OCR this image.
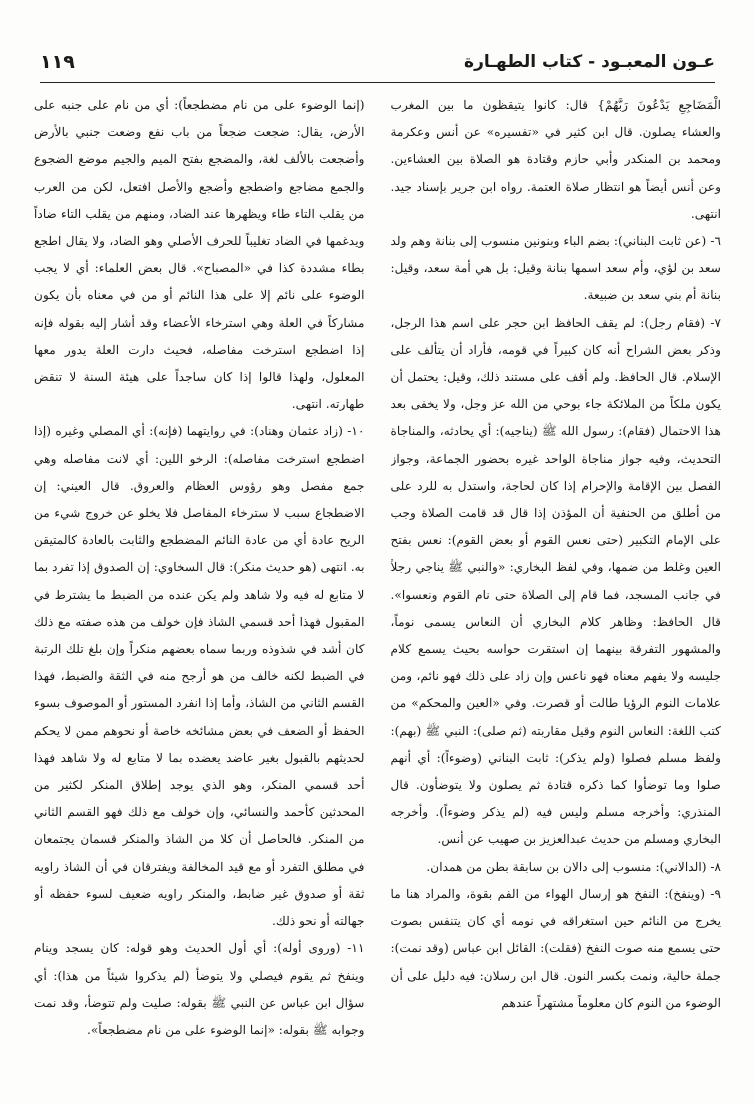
عـون المعبـود - كتاب الطهـارة
١١٩

الْمَضَاجِعِ يَدْعُونَ رَبَّهُمْ} قال: كانوا يتيقظون ما بين المغرب والعشاء يصلون. قال ابن كثير في «تفسيره» عن أنس وعكرمة ومحمد بن المنكدر وأبي حازم وقتادة هو الصلاة بين العشاءين. وعن أنس أيضاً هو انتظار صلاة العتمة. رواه ابن جرير بإسناد جيد. انتهى.

٦- (عن ثابت البناني): بضم الباء وبنونين منسوب إلى بنانة وهم ولد سعد بن لؤي، وأم سعد اسمها بنانة وقيل: بل هي أمة سعد، وقيل: بنانة أم بني سعد بن ضبيعة.

٧- (فقام رجل): لم يقف الحافظ ابن حجر على اسم هذا الرجل، وذكر بعض الشراح أنه كان كبيراً في قومه، فأراد أن يتألف على الإسلام. قال الحافظ. ولم أقف على مستند ذلك، وقيل: يحتمل أن يكون ملكاً من الملائكة جاء بوحي من الله عز وجل، ولا يخفى بعد هذا الاحتمال (فقام): رسول الله ﷺ (يناجيه): أي يحادثه، والمناجاة التحديث، وفيه جواز مناجاة الواحد غيره بحضور الجماعة، وجواز الفصل بين الإقامة والإحرام إذا كان لحاجة، واستدل به للرد على من أطلق من الحنفية أن المؤذن إذا قال قد قامت الصلاة وجب على الإمام التكبير (حتى نعس القوم أو بعض القوم): نعس بفتح العين وغلط من ضمها، وفي لفظ البخاري: «والنبي ﷺ يناجي رجلاً في جانب المسجد، فما قام إلى الصلاة حتى نام القوم ونعسوا». قال الحافظ: وظاهر كلام البخاري أن النعاس يسمى نوماً، والمشهور التفرقة بينهما إن استقرت حواسه بحيث يسمع كلام جليسه ولا يفهم معناه فهو ناعس وإن زاد على ذلك فهو نائم، ومن علامات النوم الرؤيا طالت أو قصرت. وفي «العين والمحكم» من كتب اللغة: النعاس النوم وقيل مقاربته (ثم صلى): النبي ﷺ (بهم): ولفظ مسلم فصلوا (ولم يذكر): ثابت البناني (وضوءاً): أي أنهم صلوا وما توضأوا كما ذكره قتادة ثم يصلون ولا يتوضأون. قال المنذري: وأخرجه مسلم وليس فيه (لم يذكر وضوءاً). وأخرجه البخاري ومسلم من حديث عبدالعزيز بن صهيب عن أنس.

٨- (الدالاني): منسوب إلى دالان بن سابقة بطن من همدان.

٩- (وينفخ): النفخ هو إرسال الهواء من الفم بقوة، والمراد هنا ما يخرج من النائم حين استغراقه في نومه أي كان يتنفس بصوت حتى يسمع منه صوت النفخ (فقلت): القائل ابن عباس (وقد نمت): جملة حالية، ونمت بكسر النون. قال ابن رسلان: فيه دليل على أن الوضوء من النوم كان معلوماً مشتهراً عندهم

(إنما الوضوء على من نام مضطجعاً): أي من نام على جنبه على الأرض، يقال: ضجعت ضجعاً من باب نفع وضعت جنبي بالأرض وأضجعت بالألف لغة، والمضجع بفتح الميم والجيم موضع الضجوع والجمع مضاجع واضطجع وأضجع والأصل افتعل، لكن من العرب من يقلب التاء طاء ويظهرها عند الضاد، ومنهم من يقلب التاء ضاداً ويدغمها في الضاد تغليباً للحرف الأصلي وهو الضاد، ولا يقال اطجع بطاء مشددة كذا في «المصباح». قال بعض العلماء: أي لا يجب الوضوء على نائم إلا على هذا النائم أو من في معناه بأن يكون مشاركاً في العلة وهي استرخاء الأعضاء وقد أشار إليه بقوله فإنه إذا اضطجع استرخت مفاصله، فحيث دارت العلة يدور معها المعلول، ولهذا قالوا إذا كان ساجداً على هيئة السنة لا تنقض طهارته. انتهى.

١٠- (زاد عثمان وهناد): في روايتهما (فإنه): أي المصلي وغيره (إذا اضطجع استرخت مفاصله): الرخو اللين: أي لانت مفاصله وهي جمع مفصل وهو رؤوس العظام والعروق. قال العيني: إن الاضطجاع سبب لا سترخاء المفاصل فلا يخلو عن خروج شيء من الريح عادة أي من عادة النائم المضطجع والثابت بالعادة كالمتيقن به. انتهى (هو حديث منكر): قال السخاوي: إن الصدوق إذا تفرد بما لا متابع له فيه ولا شاهد ولم يكن عنده من الضبط ما يشترط في المقبول فهذا أحد قسمي الشاذ فإن خولف من هذه صفته مع ذلك كان أشد في شذوذه وربما سماه بعضهم منكراً وإن بلغ تلك الرتبة في الضبط لكنه خالف من هو أرجح منه في الثقة والضبط، فهذا القسم الثاني من الشاذ، وأما إذا انفرد المستور أو الموصوف بسوء الحفظ أو الضعف في بعض مشائخه خاصة أو نحوهم ممن لا يحكم لحديثهم بالقبول بغير عاضد يعضده بما لا متابع له ولا شاهد فهذا أحد قسمي المنكر، وهو الذي يوجد إطلاق المنكر لكثير من المحدثين كأحمد والنسائي، وإن خولف مع ذلك فهو القسم الثاني من المنكر. فالحاصل أن كلا من الشاذ والمنكر قسمان يجتمعان في مطلق التفرد أو مع قيد المخالفة ويفترقان في أن الشاذ راويه ثقة أو صدوق غير ضابط، والمنكر راويه ضعيف لسوء حفظه أو جهالته أو نحو ذلك.

١١- (وروى أوله): أي أول الحديث وهو قوله: كان يسجد وينام وينفخ ثم يقوم فيصلي ولا يتوضأ (لم يذكروا شيئاً من هذا): أي سؤال ابن عباس عن النبي ﷺ بقوله: صليت ولم تتوضأ، وقد نمت وجوابه ﷺ بقوله: «إنما الوضوء على من نام مضطجعاً».
